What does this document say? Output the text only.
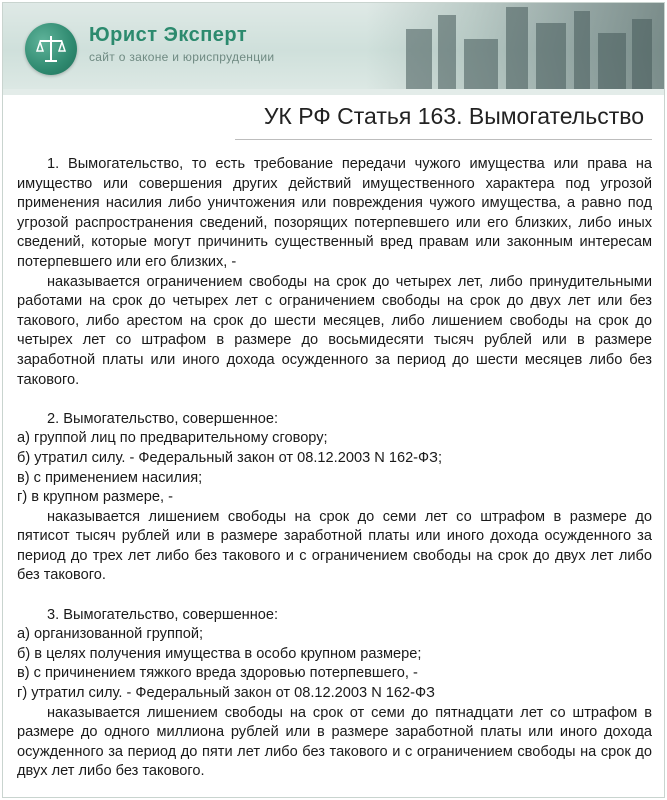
Юрист Эксперт
сайт о законе и юриспруденции
УК РФ Статья 163. Вымогательство

1. Вымогательство, то есть требование передачи чужого имущества или права на имущество или совершения других действий имущественного характера под угрозой применения насилия либо уничтожения или повреждения чужого имущества, а равно под угрозой распространения сведений, позорящих потерпевшего или его близких, либо иных сведений, которые могут причинить существенный вред правам или законным интересам потерпевшего или его близких, -

наказывается ограничением свободы на срок до четырех лет, либо принудительными работами на срок до четырех лет с ограничением свободы на срок до двух лет или без такового, либо арестом на срок до шести месяцев, либо лишением свободы на срок до четырех лет со штрафом в размере до восьмидесяти тысяч рублей или в размере заработной платы или иного дохода осужденного за период до шести месяцев либо без такового.

2. Вымогательство, совершенное:

а) группой лиц по предварительному сговору;

б) утратил силу. - Федеральный закон от 08.12.2003 N 162-ФЗ;

в) с применением насилия;

г) в крупном размере, -

наказывается лишением свободы на срок до семи лет со штрафом в размере до пятисот тысяч рублей или в размере заработной платы или иного дохода осужденного за период до трех лет либо без такового и с ограничением свободы на срок до двух лет либо без такового.

3. Вымогательство, совершенное:

а) организованной группой;

б) в целях получения имущества в особо крупном размере;

в) с причинением тяжкого вреда здоровью потерпевшего, -

г) утратил силу. - Федеральный закон от 08.12.2003 N 162-ФЗ

наказывается лишением свободы на срок от семи до пятнадцати лет со штрафом в размере до одного миллиона рублей или в размере заработной платы или иного дохода осужденного за период до пяти лет либо без такового и с ограничением свободы на срок до двух лет либо без такового.
